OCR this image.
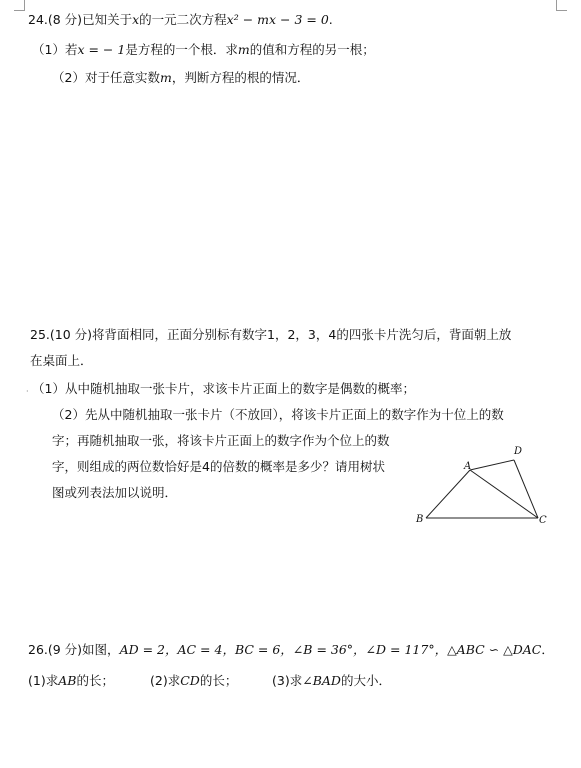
24.(8 分)已知关于x的一元二次方程x² − mx − 3 = 0.
（1）若x = − 1是方程的一个根．求m的值和方程的另一根；
（2）对于任意实数m，判断方程的根的情况．
25.(10 分)将背面相同，正面分别标有数字1，2，3，4的四张卡片洗匀后，背面朝上放
在桌面上．
· （1）从中随机抽取一张卡片，求该卡片正面上的数字是偶数的概率；
（2）先从中随机抽取一张卡片（不放回），将该卡片正面上的数字作为十位上的数
字；再随机抽取一张，将该卡片正面上的数字作为个位上的数
字，则组成的两位数恰好是4的倍数的概率是多少？请用树状
图或列表法加以说明．
A
B	C
D
26.(9 分)如图，AD = 2，AC = 4，BC = 6，∠B = 36°，∠D = 117°，△ABC ∽ △DAC．
(1)求AB的长；	(2)求CD的长；	(3)求∠BAD的大小．
